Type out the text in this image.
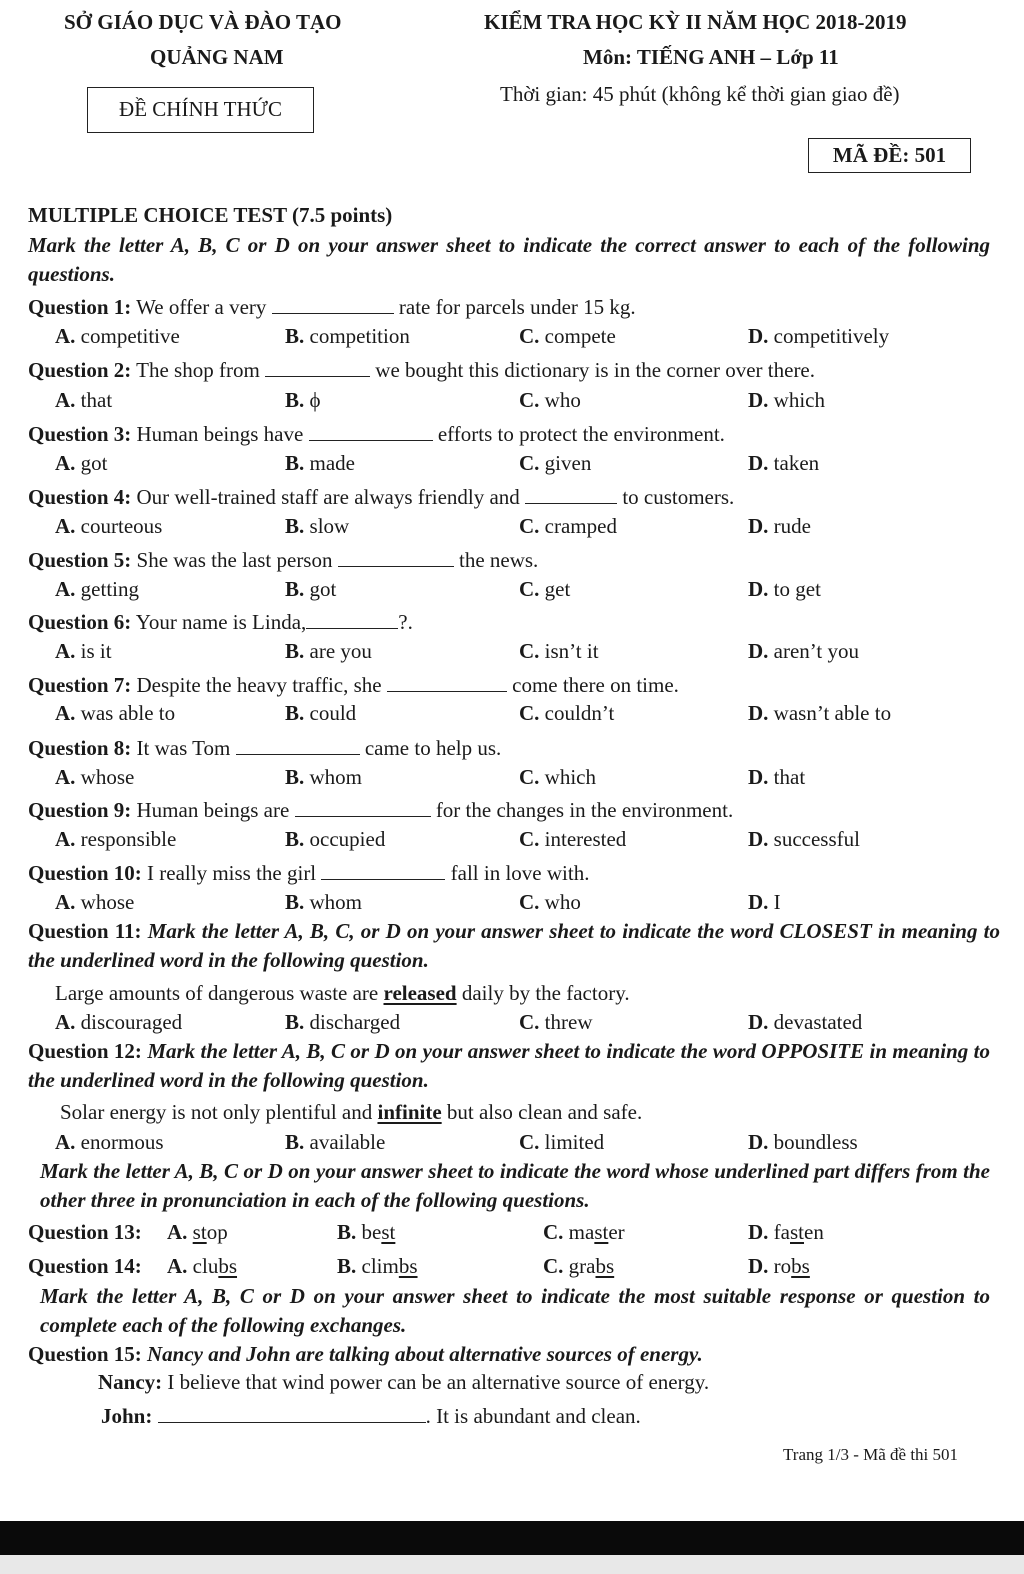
SỞ GIÁO DỤC VÀ ĐÀO TẠO
QUẢNG NAM
ĐỀ CHÍNH THỨC
KIỂM TRA HỌC KỲ II NĂM HỌC 2018-2019
Môn: TIẾNG ANH – Lớp 11
Thời gian: 45 phút (không kể thời gian giao đề)
MÃ ĐỀ: 501
MULTIPLE CHOICE TEST (7.5 points)
Mark the letter A, B, C or D on your answer sheet to indicate the correct answer to each of the following questions.
Question 1: We offer a very	rate for parcels under 15 kg.
A. competitive	B. competition	C. compete	D. competitively
Question 2: The shop from	we bought this dictionary is in the corner over there.
A. that	B. ϕ	C. who	D. which
Question 3: Human beings have	efforts to protect the environment.
A. got	B. made	C. given	D. taken
Question 4: Our well-trained staff are always friendly and	to customers.
A. courteous	B. slow	C. cramped	D. rude
Question 5: She was the last person	the news.
A. getting	B. got	C. get	D. to get
Question 6: Your name is Linda,	?.
A. is it	B. are you	C. isn’t it	D. aren’t you
Question 7: Despite the heavy traffic, she	come there on time.
A. was able to	B. could	C. couldn’t	D. wasn’t able to
Question 8: It was Tom	came to help us.
A. whose	B. whom	C. which	D. that
Question 9: Human beings are	for the changes in the environment.
A. responsible	B. occupied	C. interested	D. successful
Question 10: I really miss the girl	fall in love with.
A. whose	B. whom	C. who	D. I
Question 11: Mark the letter A, B, C, or D on your answer sheet to indicate the word CLOSEST in meaning to the underlined word in the following question.
Large amounts of dangerous waste are released daily by the factory.
A. discouraged	B. discharged	C. threw	D. devastated
Question 12: Mark the letter A, B, C or D on your answer sheet to indicate the word OPPOSITE in meaning to the underlined word in the following question.
Solar energy is not only plentiful and infinite but also clean and safe.
A. enormous	B. available	C. limited	D. boundless
Mark the letter A, B, C or D on your answer sheet to indicate the word whose underlined part differs from the other three in pronunciation in each of the following questions.
Question 13: A. stop	B. best	C. master	D. fasten
Question 14: A. clubs	B. climbs	C. grabs	D. robs
Mark the letter A, B, C or D on your answer sheet to indicate the most suitable response or question to complete each of the following exchanges.
Question 15: Nancy and John are talking about alternative sources of energy.
Nancy: I believe that wind power can be an alternative source of energy.
John:	. It is abundant and clean.
Trang 1/3 - Mã đề thi 501
